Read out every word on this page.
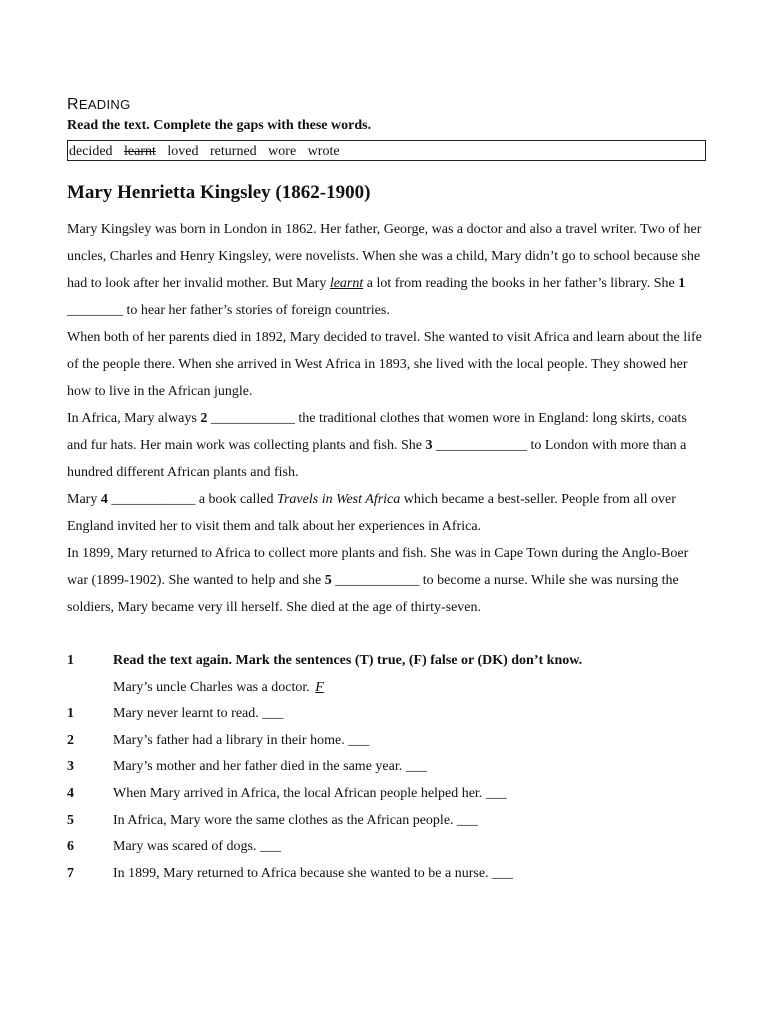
READING
Read the text. Complete the gaps with these words.
decided learnt loved returned wore wrote
Mary Henrietta Kingsley (1862-1900)

Mary Kingsley was born in London in 1862. Her father, George, was a doctor and also a travel writer. Two of her uncles, Charles and Henry Kingsley, were novelists. When she was a child, Mary didn’t go to school because she had to look after her invalid mother. But Mary learnt a lot from reading the books in her father’s library. She 1 ________ to hear her father’s stories of foreign countries.

When both of her parents died in 1892, Mary decided to travel. She wanted to visit Africa and learn about the life of the people there. When she arrived in West Africa in 1893, she lived with the local people. They showed her how to live in the African jungle.

In Africa, Mary always 2 ____________ the traditional clothes that women wore in England: long skirts, coats and fur hats. Her main work was collecting plants and fish. She 3 _____________ to London with more than a hundred different African plants and fish.

Mary 4 ____________ a book called Travels in West Africa which became a best-seller. People from all over England invited her to visit them and talk about her experiences in Africa.

In 1899, Mary returned to Africa to collect more plants and fish. She was in Cape Town during the Anglo-Boer war (1899-1902). She wanted to help and she 5 ____________ to become a nurse. While she was nursing the soldiers, Mary became very ill herself. She died at the age of thirty-seven.

1	Read the text again. Mark the sentences (T) true, (F) false or (DK) don’t know.
Mary’s uncle Charles was a doctor. F
1	Mary never learnt to read. ___
2	Mary’s father had a library in their home. ___
3	Mary’s mother and her father died in the same year. ___
4	When Mary arrived in Africa, the local African people helped her. ___
5	In Africa, Mary wore the same clothes as the African people. ___
6	Mary was scared of dogs. ___
7	In 1899, Mary returned to Africa because she wanted to be a nurse. ___
